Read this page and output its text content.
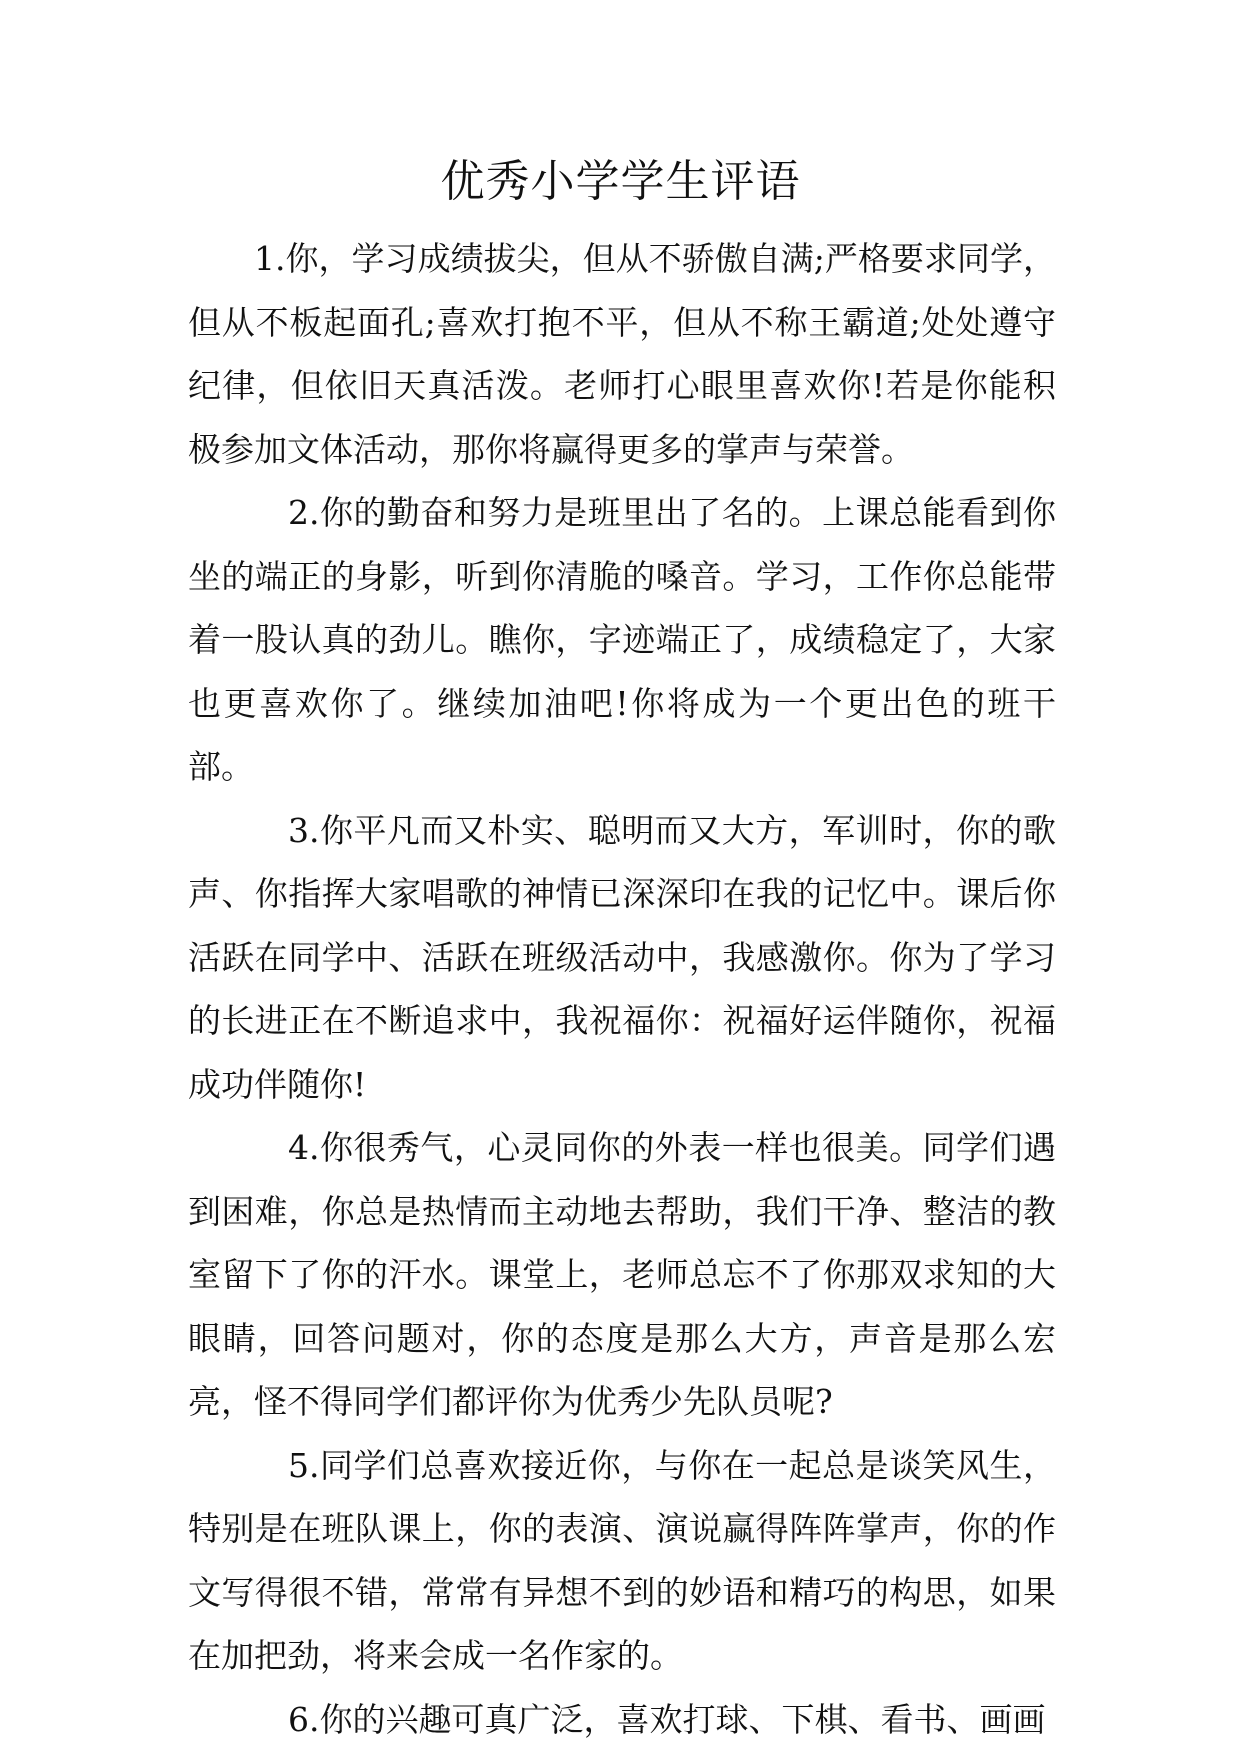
优秀小学学生评语

1.你，学习成绩拔尖，但从不骄傲自满;严格要求同学，但从不板起面孔;喜欢打抱不平，但从不称王霸道;处处遵守纪律，但依旧天真活泼。老师打心眼里喜欢你!若是你能积极参加文体活动，那你将赢得更多的掌声与荣誉。

2.你的勤奋和努力是班里出了名的。上课总能看到你坐的端正的身影，听到你清脆的嗓音。学习，工作你总能带着一股认真的劲儿。瞧你，字迹端正了，成绩稳定了，大家也更喜欢你了。继续加油吧!你将成为一个更出色的班干部。

3.你平凡而又朴实、聪明而又大方，军训时，你的歌声、你指挥大家唱歌的神情已深深印在我的记忆中。课后你活跃在同学中、活跃在班级活动中，我感激你。你为了学习的长进正在不断追求中，我祝福你：祝福好运伴随你，祝福成功伴随你!

4.你很秀气，心灵同你的外表一样也很美。同学们遇到困难，你总是热情而主动地去帮助，我们干净、整洁的教室留下了你的汗水。课堂上，老师总忘不了你那双求知的大眼睛，回答问题对，你的态度是那么大方，声音是那么宏亮，怪不得同学们都评你为优秀少先队员呢?

5.同学们总喜欢接近你，与你在一起总是谈笑风生，特别是在班队课上，你的表演、演说赢得阵阵掌声，你的作文写得很不错，常常有异想不到的妙语和精巧的构思，如果在加把劲，将来会成一名作家的。

6.你的兴趣可真广泛，喜欢打球、下棋、看书、画画
